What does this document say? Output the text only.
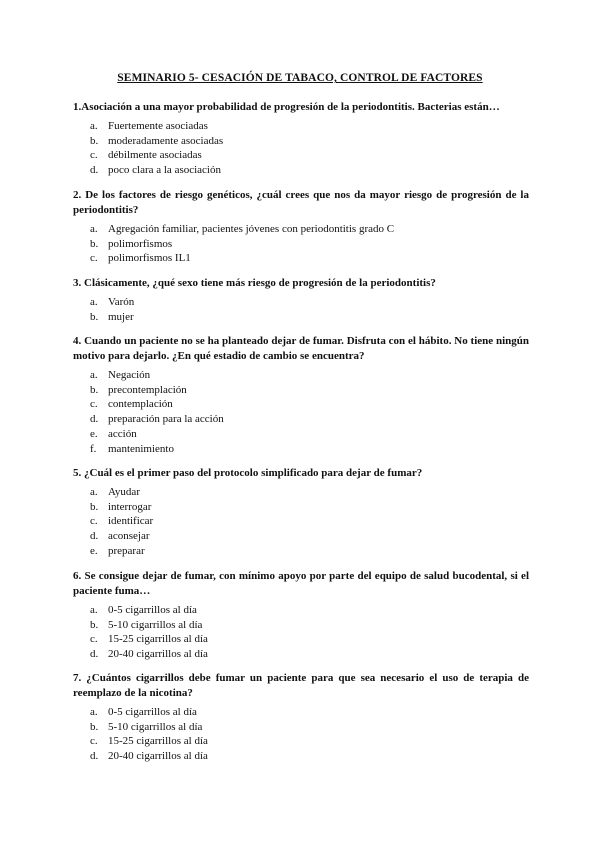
SEMINARIO 5- CESACIÓN DE TABACO, CONTROL DE FACTORES

1.Asociación a una mayor probabilidad de progresión de la periodontitis. Bacterias están…

a. Fuertemente asociadas
b. moderadamente asociadas
c. débilmente asociadas
d. poco clara a la asociación

2. De los factores de riesgo genéticos, ¿cuál crees que nos da mayor riesgo de progresión de la periodontitis?

a. Agregación familiar, pacientes jóvenes con periodontitis grado C
b. polimorfismos
c. polimorfismos IL1

3. Clásicamente, ¿qué sexo tiene más riesgo de progresión de la periodontitis?

a. Varón
b. mujer

4. Cuando un paciente no se ha planteado dejar de fumar. Disfruta con el hábito. No tiene ningún motivo para dejarlo. ¿En qué estadio de cambio se encuentra?

a. Negación
b. precontemplación
c. contemplación
d. preparación para la acción
e. acción
f.	mantenimiento

5. ¿Cuál es el primer paso del protocolo simplificado para dejar de fumar?

a. Ayudar
b. interrogar
c. identificar
d. aconsejar
e. preparar

6. Se consigue dejar de fumar, con mínimo apoyo por parte del equipo de salud bucodental, si el paciente fuma…

a. 0-5 cigarrillos al día
b. 5-10 cigarrillos al día
c. 15-25 cigarrillos al día
d. 20-40 cigarrillos al día

7. ¿Cuántos cigarrillos debe fumar un paciente para que sea necesario el uso de terapia de reemplazo de la nicotina?

a. 0-5 cigarrillos al día
b. 5-10 cigarrillos al día
c. 15-25 cigarrillos al día
d. 20-40 cigarrillos al día
